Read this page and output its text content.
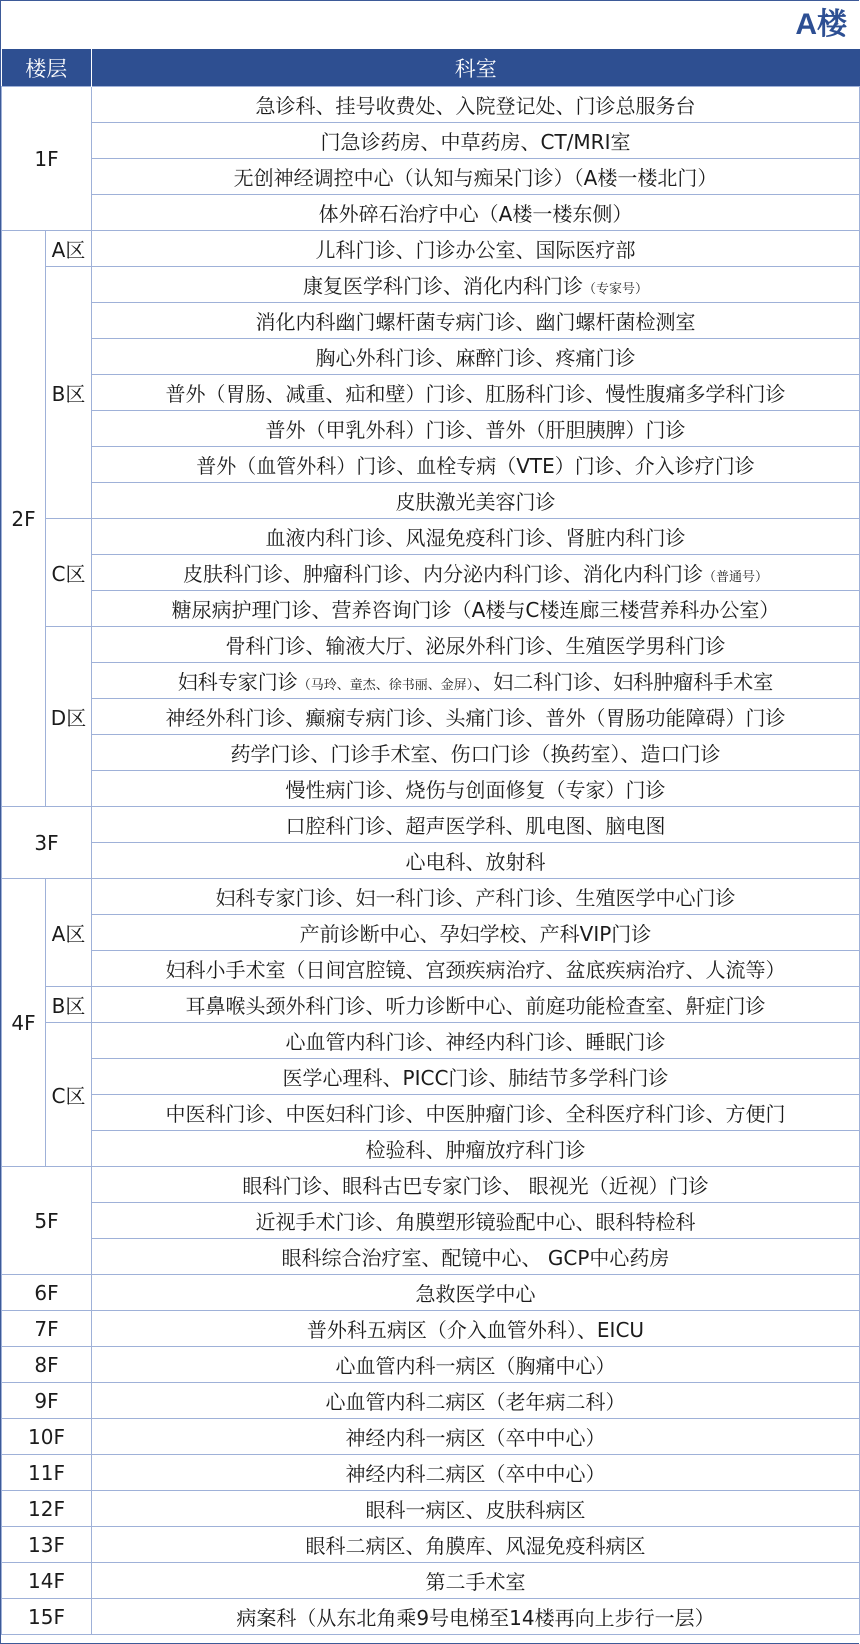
A楼
楼层		科室
1F		急诊科、挂号收费处、入院登记处、门诊总服务台
		门急诊药房、中草药房、CT/MRI室
		无创神经调控中心（认知与痴呆门诊）（A楼一楼北门）
		体外碎石治疗中心（A楼一楼东侧）
2F	A区	儿科门诊、门诊办公室、国际医疗部
	B区	康复医学科门诊、消化内科门诊（专家号）
		消化内科幽门螺杆菌专病门诊、幽门螺杆菌检测室
		胸心外科门诊、麻醉门诊、疼痛门诊
		普外（胃肠、减重、疝和壁）门诊、肛肠科门诊、慢性腹痛多学科门诊
		普外（甲乳外科）门诊、普外（肝胆胰脾）门诊
		普外（血管外科）门诊、血栓专病（VTE）门诊、介入诊疗门诊
		皮肤激光美容门诊
	C区	血液内科门诊、风湿免疫科门诊、肾脏内科门诊
		皮肤科门诊、肿瘤科门诊、内分泌内科门诊、消化内科门诊（普通号）
		糖尿病护理门诊、营养咨询门诊（A楼与C楼连廊三楼营养科办公室）
	D区	骨科门诊、输液大厅、泌尿外科门诊、生殖医学男科门诊
		妇科专家门诊（马玲、童杰、徐书丽、金屏）、妇二科门诊、妇科肿瘤科手术室
		神经外科门诊、癫痫专病门诊、头痛门诊、普外（胃肠功能障碍）门诊
		药学门诊、门诊手术室、伤口门诊（换药室）、造口门诊
		慢性病门诊、烧伤与创面修复（专家）门诊
3F		口腔科门诊、超声医学科、肌电图、脑电图
		心电科、放射科
4F	A区	妇科专家门诊、妇一科门诊、产科门诊、生殖医学中心门诊
		产前诊断中心、孕妇学校、产科VIP门诊
		妇科小手术室（日间宫腔镜、宫颈疾病治疗、盆底疾病治疗、人流等）
	B区	耳鼻喉头颈外科门诊、听力诊断中心、前庭功能检查室、鼾症门诊
	C区	心血管内科门诊、神经内科门诊、睡眠门诊
		医学心理科、PICC门诊、肺结节多学科门诊
		中医科门诊、中医妇科门诊、中医肿瘤门诊、全科医疗科门诊、方便门
		检验科、肿瘤放疗科门诊
5F		眼科门诊、眼科古巴专家门诊、 眼视光（近视）门诊
		近视手术门诊、角膜塑形镜验配中心、眼科特检科
		眼科综合治疗室、配镜中心、 GCP中心药房
6F		急救医学中心
7F		普外科五病区（介入血管外科）、EICU
8F		心血管内科一病区（胸痛中心）
9F		心血管内科二病区（老年病二科）
10F		神经内科一病区（卒中中心）
11F		神经内科二病区（卒中中心）
12F		眼科一病区、皮肤科病区
13F		眼科二病区、角膜库、风湿免疫科病区
14F		第二手术室
15F		病案科（从东北角乘9号电梯至14楼再向上步行一层）
